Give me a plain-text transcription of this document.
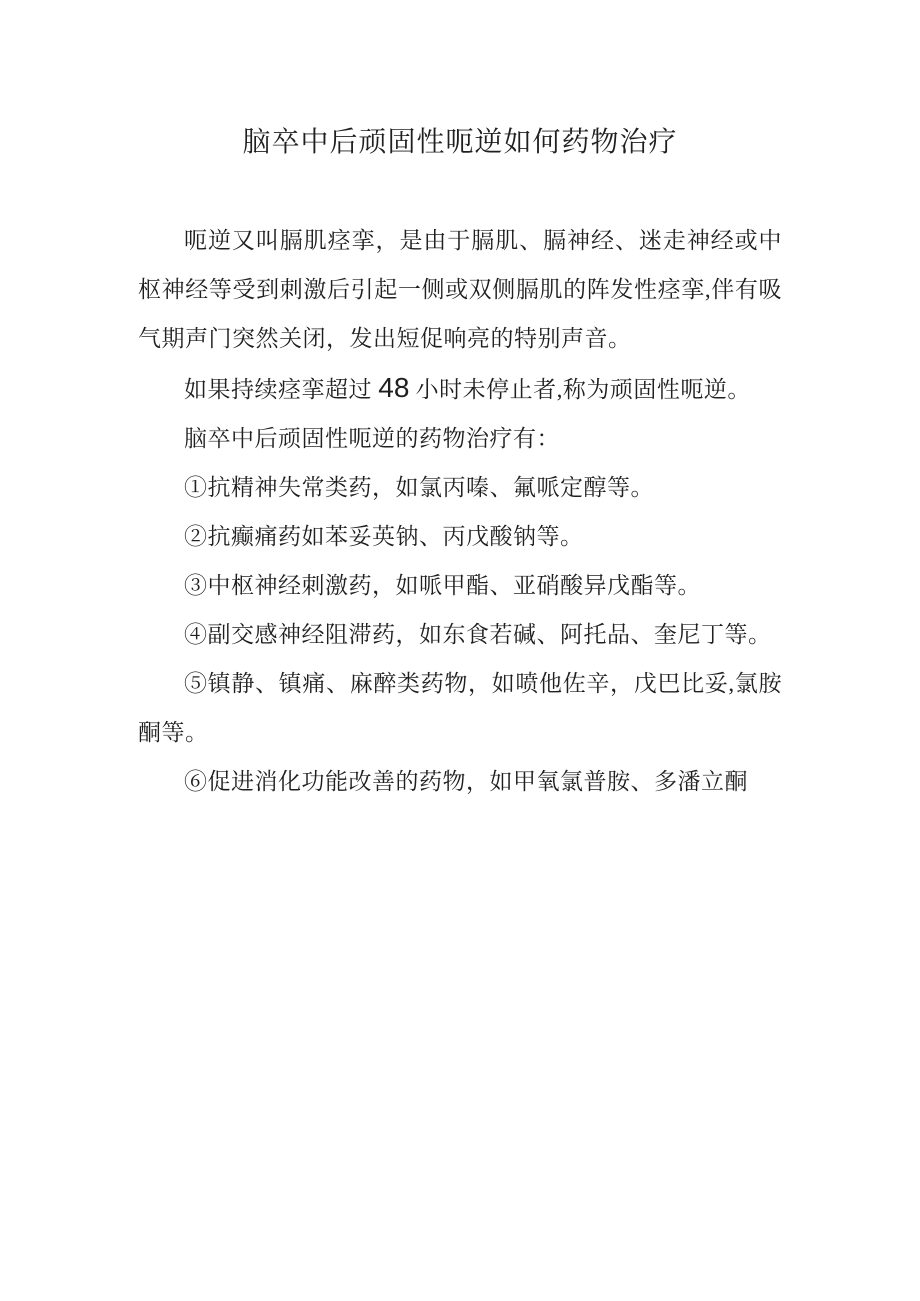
脑卒中后顽固性呃逆如何药物治疗

呃逆又叫膈肌痉挛，是由于膈肌、膈神经、迷走神经或中枢神经等受到刺激后引起一侧或双侧膈肌的阵发性痉挛,伴有吸气期声门突然关闭，发出短促响亮的特别声音。

如果持续痉挛超过 48 小时未停止者,称为顽固性呃逆。

脑卒中后顽固性呃逆的药物治疗有：

①抗精神失常类药，如氯丙嗪、氟哌定醇等。

②抗癫痛药如苯妥英钠、丙戊酸钠等。

③中枢神经刺激药，如哌甲酯、亚硝酸异戊酯等。

④副交感神经阻滞药，如东食若碱、阿托品、奎尼丁等。

⑤镇静、镇痛、麻醉类药物，如喷他佐辛，戊巴比妥,氯胺酮等。

⑥促进消化功能改善的药物，如甲氧氯普胺、多潘立酮
